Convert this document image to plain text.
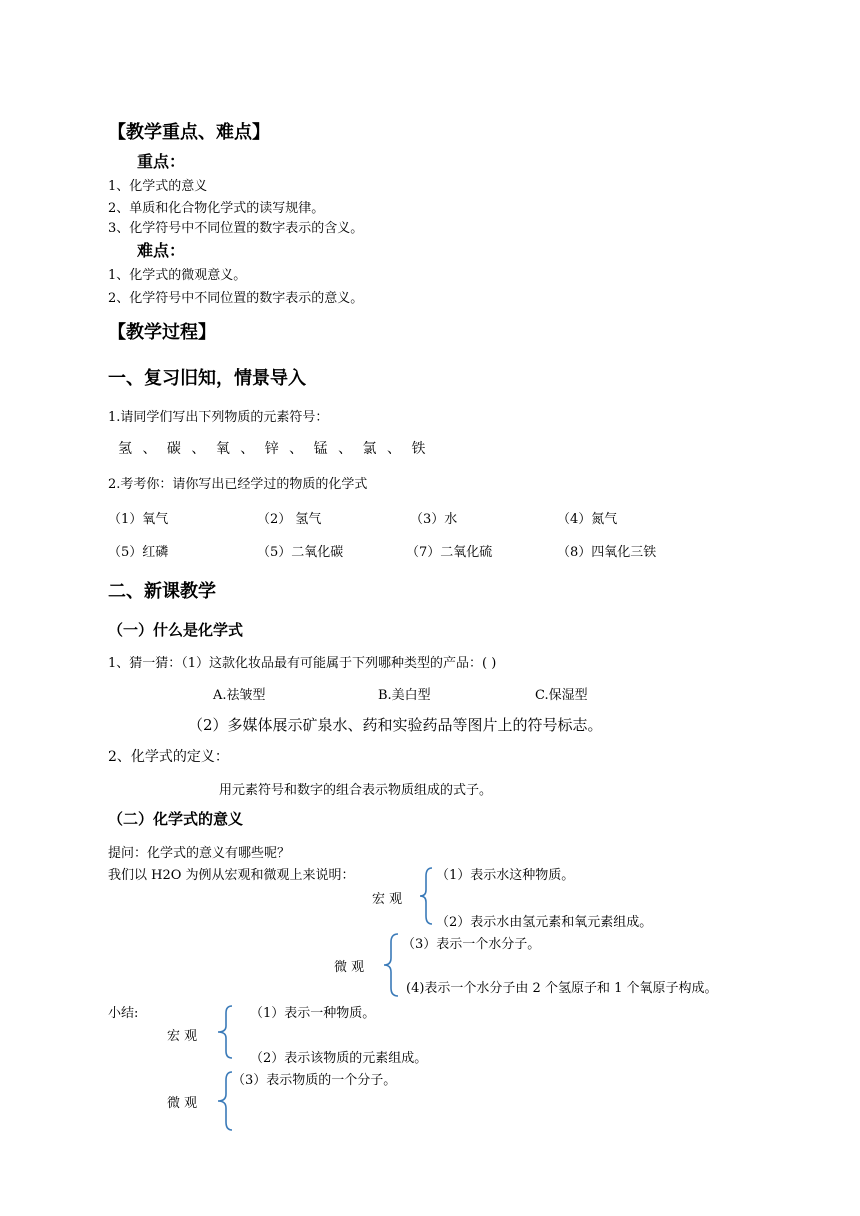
【教学重点、难点】
重点：
1、化学式的意义
2、单质和化合物化学式的读写规律。
3、化学符号中不同位置的数字表示的含义。
难点：
1、化学式的微观意义。
2、化学符号中不同位置的数字表示的意义。
【教学过程】
一、复习旧知，情景导入
1.请同学们写出下列物质的元素符号：
氢 、 碳 、 氧 、 锌 、 锰 、 氯 、 铁
2.考考你：请你写出已经学过的物质的化学式
（1）氧气	（2） 氢气	（3）水	（4）氮气
（5）红磷	（5）二氧化碳	（7）二氧化硫	（8）四氧化三铁
二、新课教学
（一）什么是化学式
1、猜一猜：（1）这款化妆品最有可能属于下列哪种类型的产品：( )
A.祛皱型	B.美白型	C.保湿型
（2）多媒体展示矿泉水、药和实验药品等图片上的符号标志。
2、化学式的定义：
用元素符号和数字的组合表示物质组成的式子。
（二）化学式的意义
提问：化学式的意义有哪些呢？
我们以 H2O 为例从宏观和微观上来说明：
宏 观
（1）表示水这种物质。
（2）表示水由氢元素和氧元素组成。
微 观
（3）表示一个水分子。
(4)表示一个水分子由 2 个氢原子和 1 个氧原子构成。
小结:
宏 观
（1）表示一种物质。
（2）表示该物质的元素组成。
微 观
（3）表示物质的一个分子。
